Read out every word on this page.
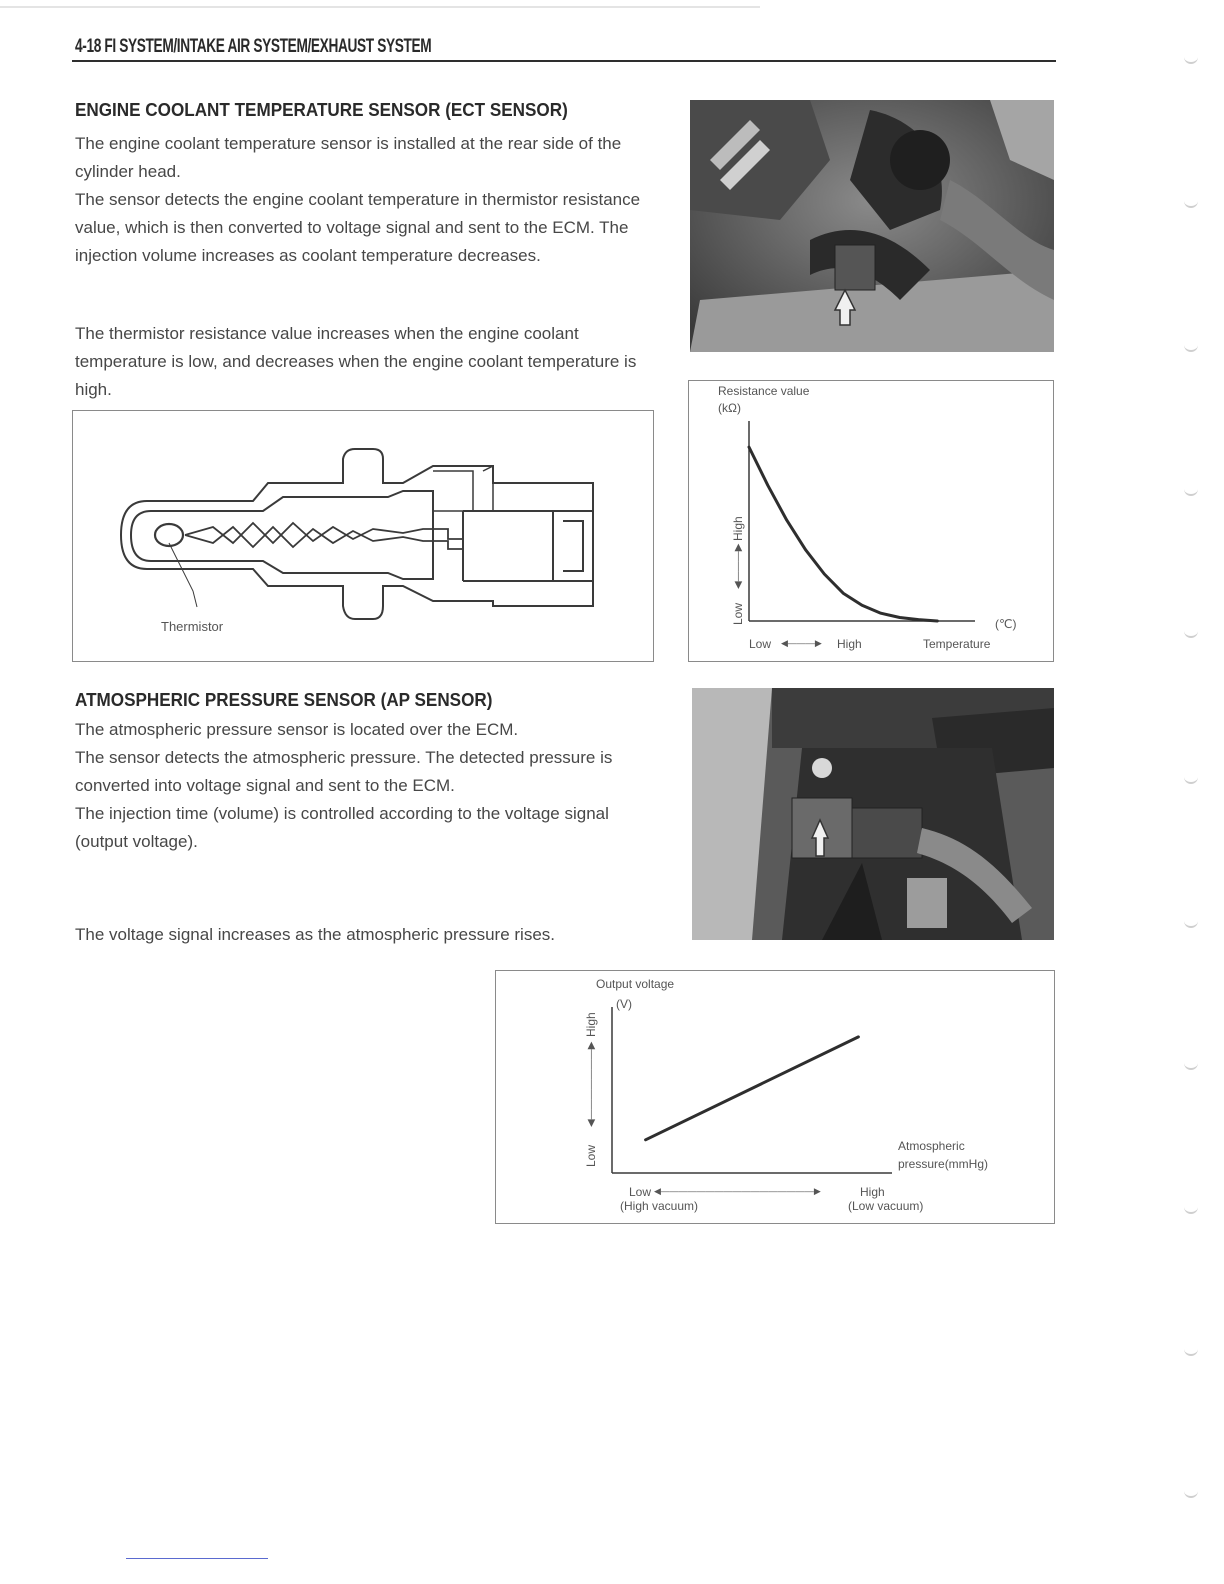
4-18 FI SYSTEM/INTAKE AIR SYSTEM/EXHAUST SYSTEM
ENGINE COOLANT TEMPERATURE SENSOR (ECT SENSOR)

The engine coolant temperature sensor is installed at the rear side of the cylinder head.

The sensor detects the engine coolant temperature in thermistor resistance value, which is then converted to voltage signal and sent to the ECM. The injection volume increases as coolant temperature decreases.

The thermistor resistance value increases when the engine coolant temperature is low, and decreases when the engine coolant temperature is high.	Resistance value
(kΩ)
Low
◀———▶
High
Low ◀———▶ High	Temperature
(℃)
Thermistor
ATMOSPHERIC PRESSURE SENSOR (AP SENSOR)

The atmospheric pressure sensor is located over the ECM.

The sensor detects the atmospheric pressure. The detected pressure is converted into voltage signal and sent to the ECM.

The injection time (volume) is controlled according to the voltage signal (output voltage).

The voltage signal increases as the atmospheric pressure rises.

Output voltage
(V)
Low
◀———————▶
High
Low ◀—————————————————▶	High
(High vacuum)	(Low vacuum)
Atmospheric
pressure(mmHg)
